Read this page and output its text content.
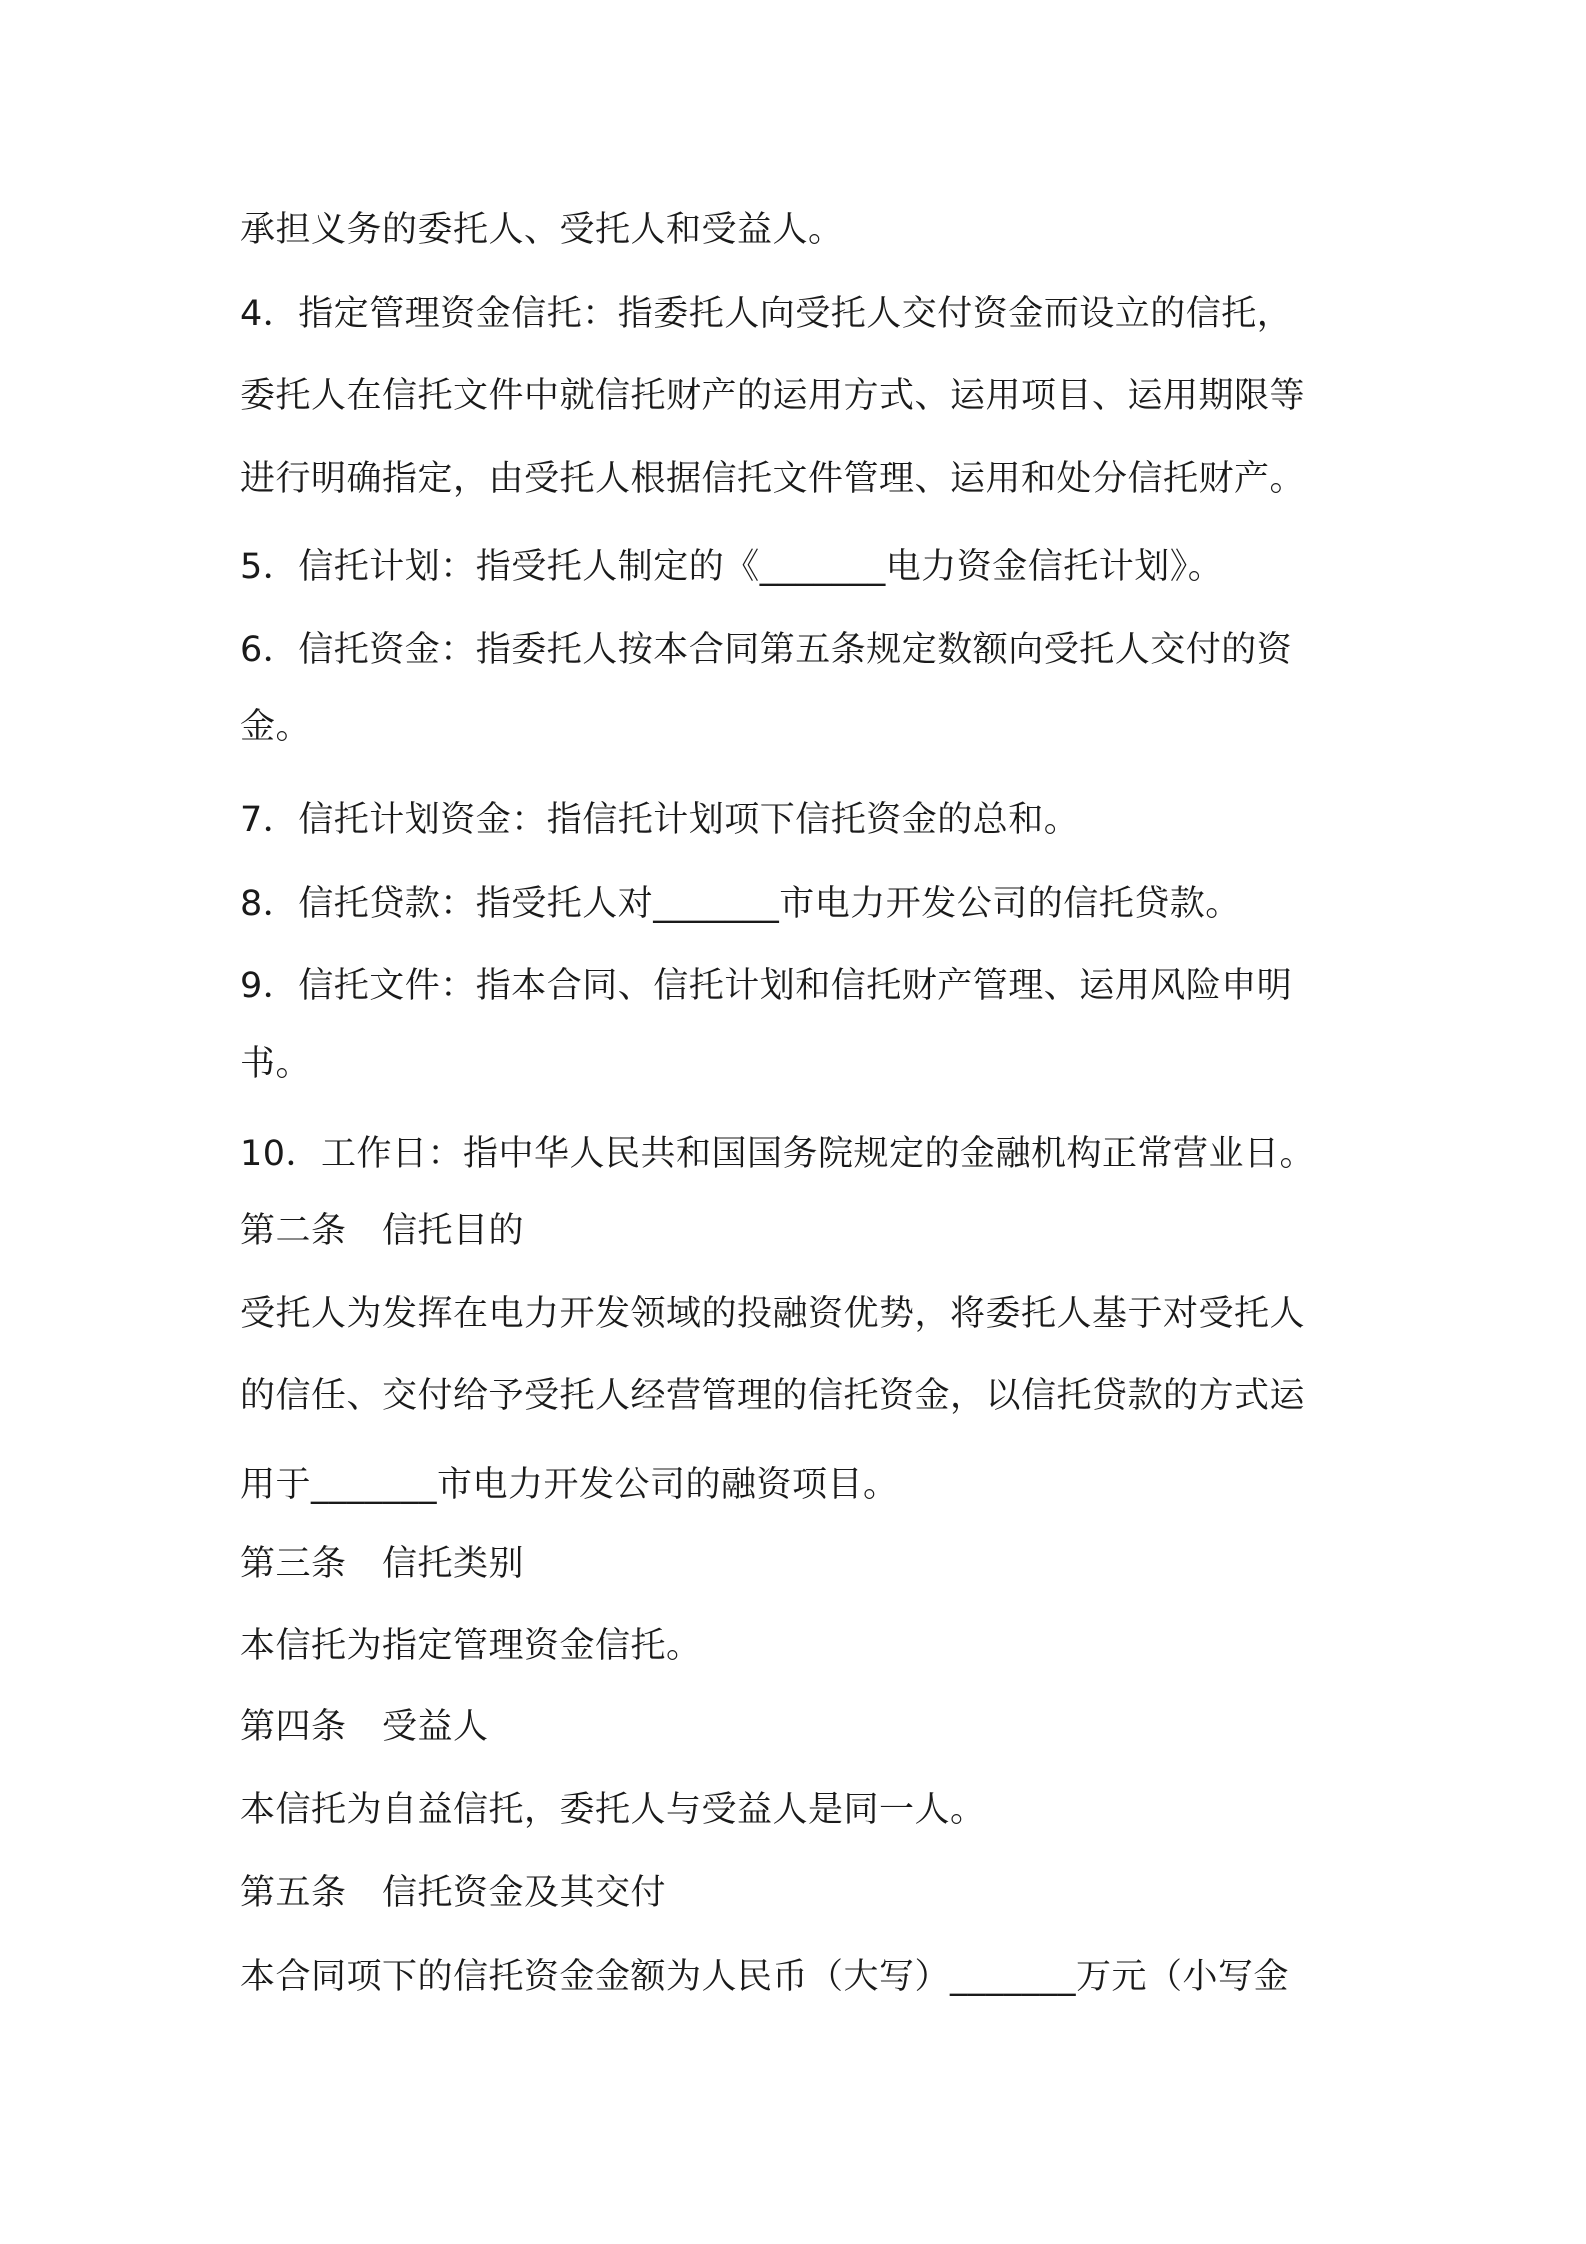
承担义务的委托人、受托人和受益人。
4．指定管理资金信托：指委托人向受托人交付资金而设立的信托，
委托人在信托文件中就信托财产的运用方式、运用项目、运用期限等
进行明确指定，由受托人根据信托文件管理、运用和处分信托财产。
5．信托计划：指受托人制定的《_______电力资金信托计划》。
6．信托资金：指委托人按本合同第五条规定数额向受托人交付的资
金。
7．信托计划资金：指信托计划项下信托资金的总和。
8．信托贷款：指受托人对_______市电力开发公司的信托贷款。
9．信托文件：指本合同、信托计划和信托财产管理、运用风险申明
书。
10．工作日：指中华人民共和国国务院规定的金融机构正常营业日。
第二条　信托目的
受托人为发挥在电力开发领域的投融资优势，将委托人基于对受托人
的信任、交付给予受托人经营管理的信托资金，以信托贷款的方式运
用于_______市电力开发公司的融资项目。
第三条　信托类别
本信托为指定管理资金信托。
第四条　受益人
本信托为自益信托，委托人与受益人是同一人。
第五条　信托资金及其交付
本合同项下的信托资金金额为人民币（大写）_______万元（小写金
